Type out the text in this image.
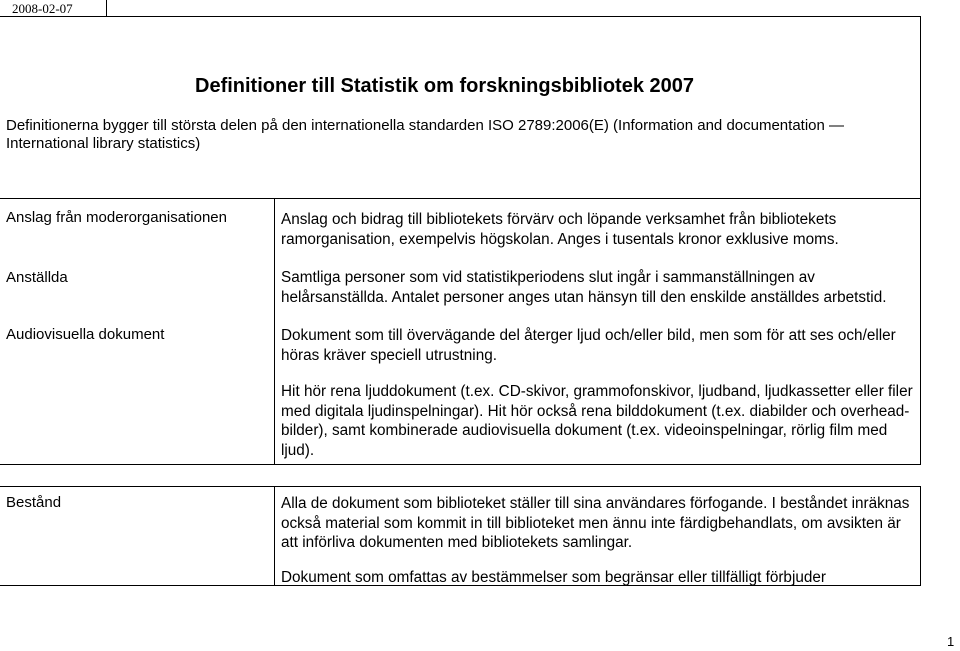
2008-02-07
Definitioner till Statistik om forskningsbibliotek 2007
Definitionerna bygger till största delen på den internationella standarden ISO 2789:2006(E) (Information and documentation — International library statistics)
Anslag från moderorganisationen	Anslag och bidrag till bibliotekets förvärv och löpande verksamhet från bibliotekets ramorganisation, exempelvis högskolan. Anges i tusentals kronor exklusive moms.
Anställda	Samtliga personer som vid statistikperiodens slut ingår i sammanställningen av helårsanställda. Antalet personer anges utan hänsyn till den enskilde anställdes arbetstid.
Audiovisuella dokument	Dokument som till övervägande del återger ljud och/eller bild, men som för att ses och/eller höras kräver speciell utrustning.
Hit hör rena ljuddokument (t.ex. CD-skivor, grammofonskivor, ljudband, ljudkassetter eller filer med digitala ljudinspelningar). Hit hör också rena bilddokument (t.ex. diabilder och overhead-bilder), samt kombinerade audiovisuella dokument (t.ex. videoinspelningar, rörlig film med ljud).
Bestånd	Alla de dokument som biblioteket ställer till sina användares förfogande. I beståndet inräknas också material som kommit in till biblioteket men ännu inte färdigbehandlats, om avsikten är att införliva dokumenten med bibliotekets samlingar.
Dokument som omfattas av bestämmelser som begränsar eller tillfälligt förbjuder
1
